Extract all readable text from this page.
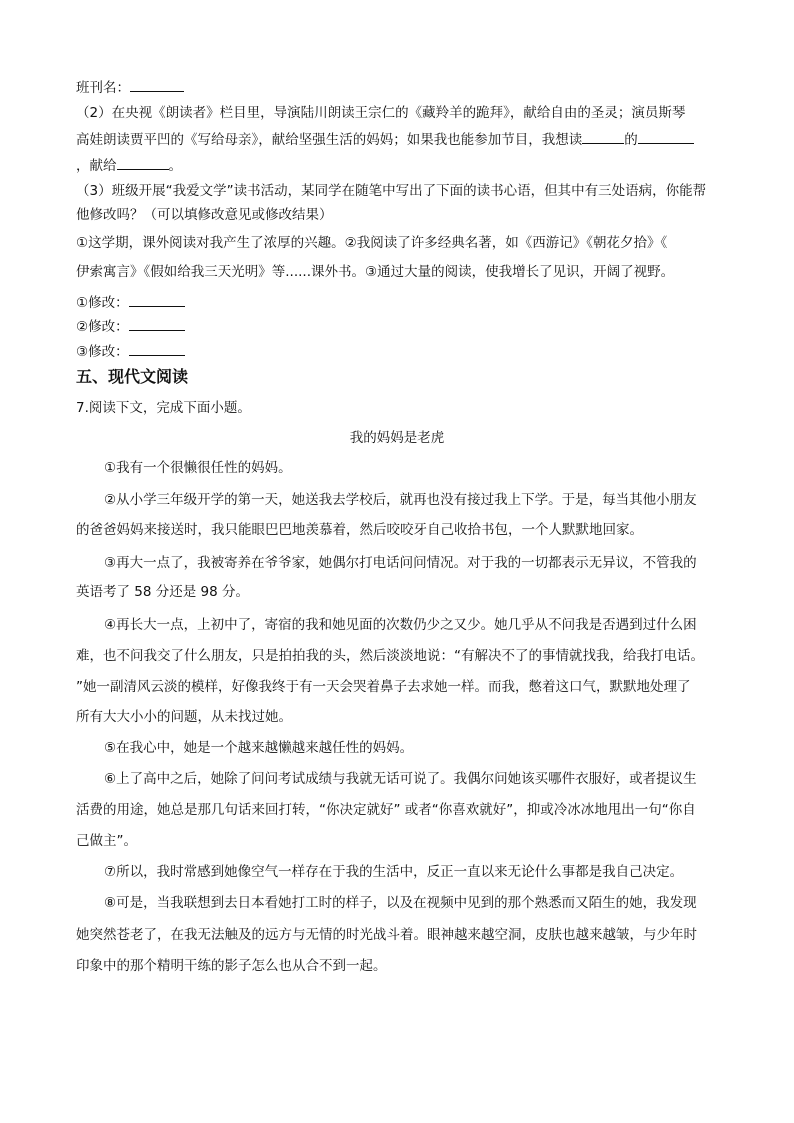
班刊名：
（2）在央视《朗读者》栏目里，导演陆川朗读王宗仁的《藏羚羊的跪拜》，献给自由的圣灵；演员斯琴
高娃朗读贾平凹的《写给母亲》，献给坚强生活的妈妈；如果我也能参加节目，我想读	的
，献给	。
（3）班级开展“我爱文学”读书活动，某同学在随笔中写出了下面的读书心语，但其中有三处语病，你能帮
他修改吗？（可以填修改意见或修改结果）
①这学期，课外阅读对我产生了浓厚的兴趣。②我阅读了许多经典名著，如《西游记》《朝花夕拾》《
伊索寓言》《假如给我三天光明》等......课外书。③通过大量的阅读，使我增长了见识，开阔了视野。
①修改：
②修改：
③修改：
五、现代文阅读
7.阅读下文，完成下面小题。
我的妈妈是老虎
①我有一个很懒很任性的妈妈。
②从小学三年级开学的第一天，她送我去学校后，就再也没有接过我上下学。于是，每当其他小朋友
的爸爸妈妈来接送时，我只能眼巴巴地羡慕着，然后咬咬牙自己收拾书包，一个人默默地回家。
③再大一点了，我被寄养在爷爷家，她偶尔打电话问问情况。对于我的一切都表示无异议，不管我的
英语考了 58 分还是 98 分。
④再长大一点，上初中了，寄宿的我和她见面的次数仍少之又少。她几乎从不问我是否遇到过什么困
难，也不问我交了什么朋友，只是拍拍我的头，然后淡淡地说：“有解决不了的事情就找我，给我打电话。
”她一副清风云淡的模样，好像我终于有一天会哭着鼻子去求她一样。而我，憋着这口气，默默地处理了
所有大大小小的问题，从未找过她。
⑤在我心中，她是一个越来越懒越来越任性的妈妈。
⑥上了高中之后，她除了问问考试成绩与我就无话可说了。我偶尔问她该买哪件衣服好，或者提议生
活费的用途，她总是那几句话来回打转，“你决定就好” 或者“你喜欢就好”，抑或冷冰冰地甩出一句“你自
己做主”。
⑦所以，我时常感到她像空气一样存在于我的生活中，反正一直以来无论什么事都是我自己决定。
⑧可是，当我联想到去日本看她打工时的样子，以及在视频中见到的那个熟悉而又陌生的她，我发现
她突然苍老了，在我无法触及的远方与无情的时光战斗着。眼神越来越空洞，皮肤也越来越皱，与少年时
印象中的那个精明干练的影子怎么也从合不到一起。
